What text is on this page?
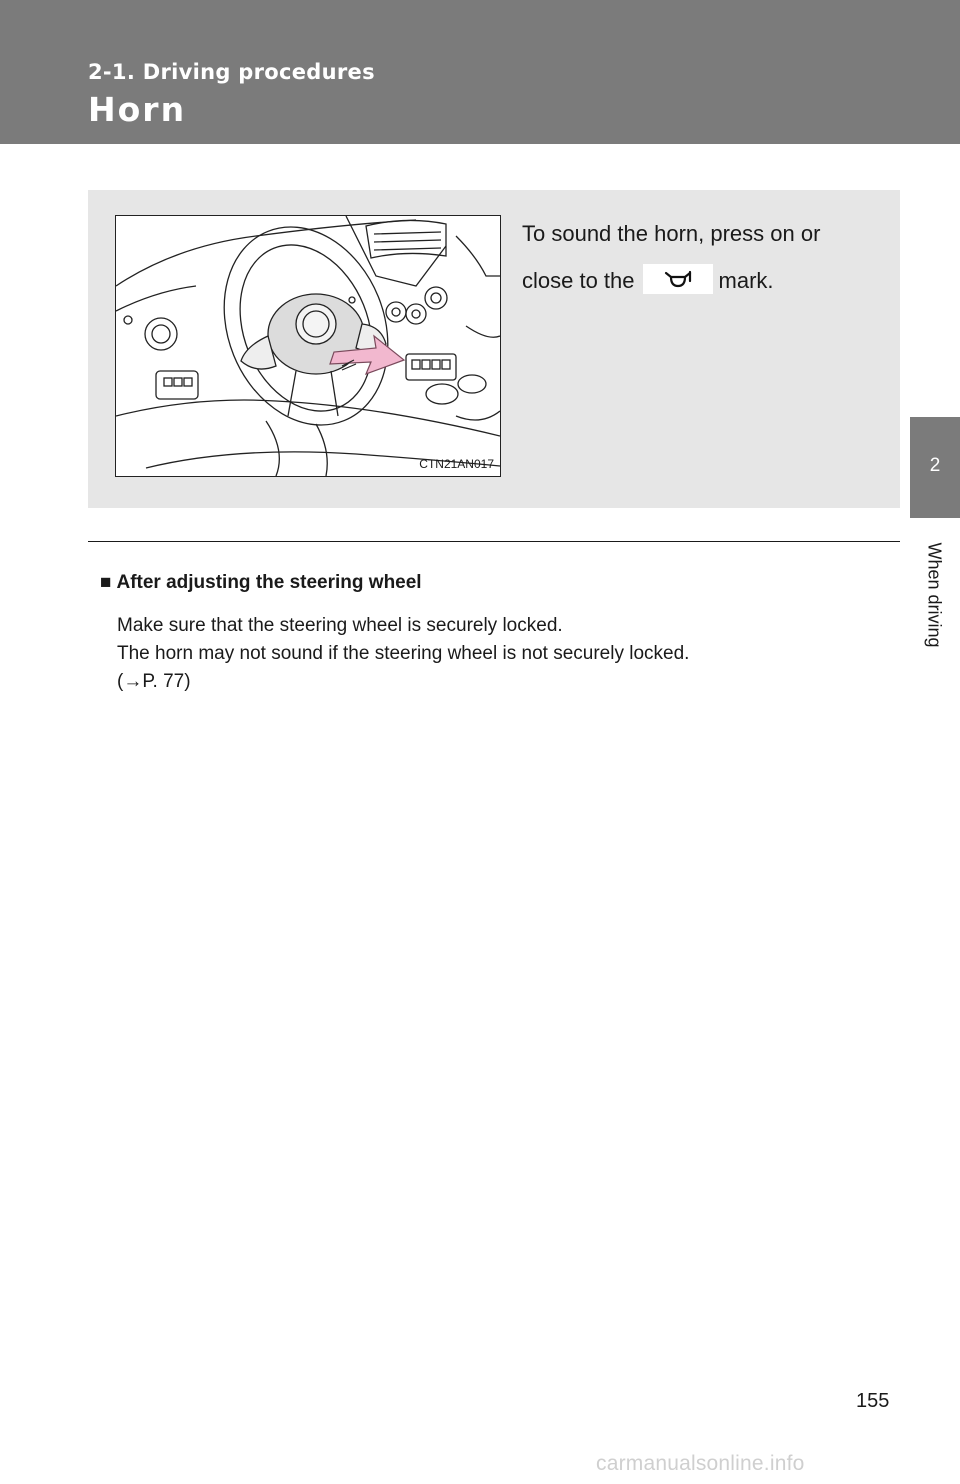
2-1. Driving procedures
Horn
2
When driving
CTN21AN017
To sound the horn, press on or
close to the	mark.
■ After adjusting the steering wheel

Make sure that the steering wheel is securely locked.

The horn may not sound if the steering wheel is not securely locked.

(→P. 77)

155
carmanualsonline.info
